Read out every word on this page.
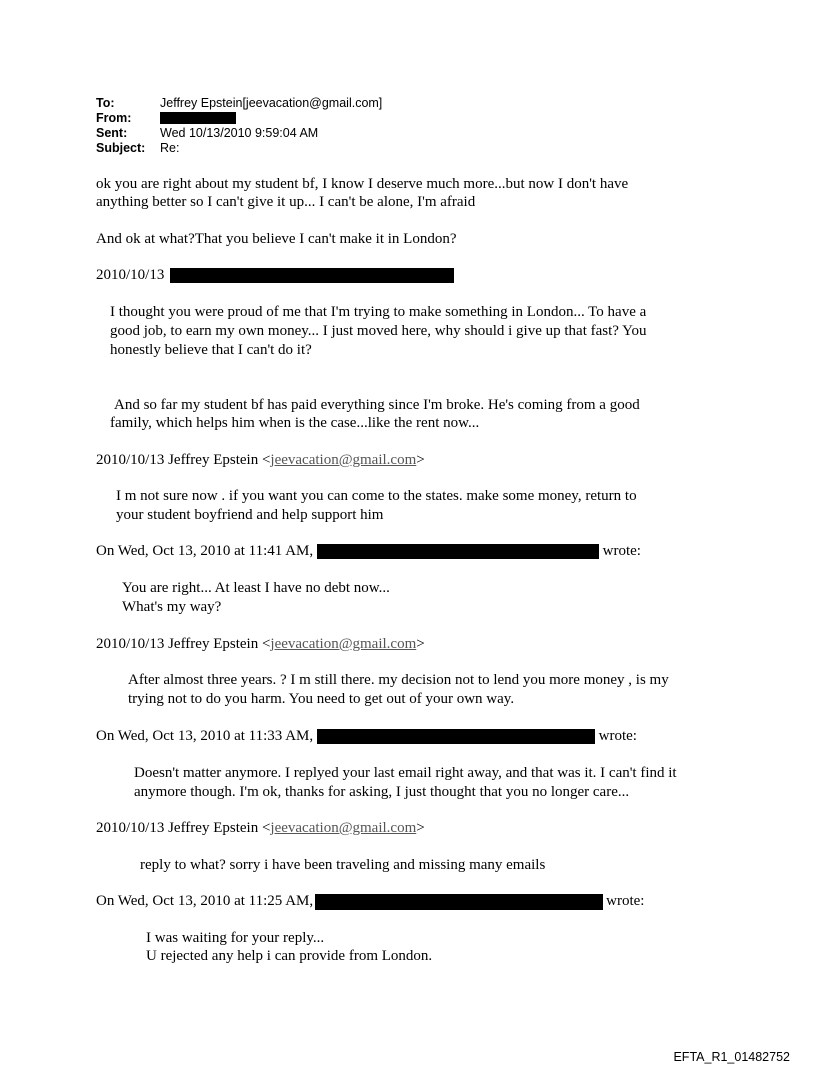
To:	Jeffrey Epstein[jeevacation@gmail.com]
From:
Sent:	Wed 10/13/2010 9:59:04 AM
Subject:	Re:
ok you are right about my student bf, I know I deserve much more...but now I don't have
anything better so I can't give it up... I can't be alone, I'm afraid
And ok at what?That you believe I can't make it in London?
2010/10/13
I thought you were proud of me that I'm trying to make something in London... To have a
good job, to earn my own money... I just moved here, why should i give up that fast? You
honestly believe that I can't do it?
And so far my student bf has paid everything since I'm broke. He's coming from a good
family, which helps him when is the case...like the rent now...
2010/10/13 Jeffrey Epstein <jeevacation@gmail.com>
I m not sure now . if you want you can come to the states. make some money, return to
your student boyfriend and help support him
On Wed, Oct 13, 2010 at 11:41 AM,	wrote:
You are right... At least I have no debt now...
What's my way?
2010/10/13 Jeffrey Epstein <jeevacation@gmail.com>
After almost three years. ? I m still there. my decision not to lend you more money , is my
trying not to do you harm. You need to get out of your own way.
On Wed, Oct 13, 2010 at 11:33 AM,	wrote:
Doesn't matter anymore. I replyed your last email right away, and that was it. I can't find it
anymore though. I'm ok, thanks for asking, I just thought that you no longer care...
2010/10/13 Jeffrey Epstein <jeevacation@gmail.com>
reply to what? sorry i have been traveling and missing many emails
On Wed, Oct 13, 2010 at 11:25 AM,	wrote:
I was waiting for your reply...
U rejected any help i can provide from London.
EFTA_R1_01482752
